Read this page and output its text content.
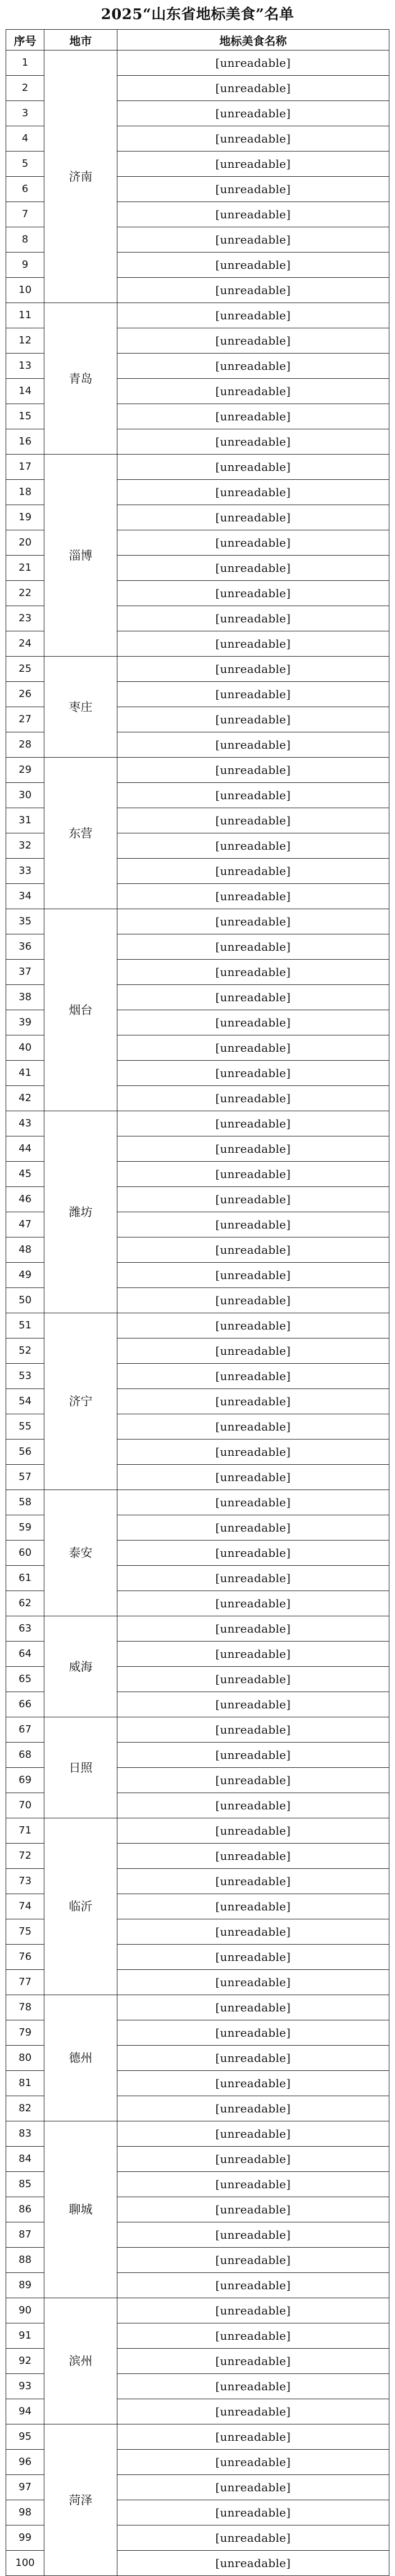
2025“山东省地标美食”名单
序号	地市	地标美食名称
1	济南	[unreadable]
2		[unreadable]
3		[unreadable]
4		[unreadable]
5		[unreadable]
6		[unreadable]
7		[unreadable]
8		[unreadable]
9		[unreadable]
10		[unreadable]
11	青岛	[unreadable]
12		[unreadable]
13		[unreadable]
14		[unreadable]
15		[unreadable]
16		[unreadable]
17	淄博	[unreadable]
18		[unreadable]
19		[unreadable]
20		[unreadable]
21		[unreadable]
22		[unreadable]
23		[unreadable]
24		[unreadable]
25	枣庄	[unreadable]
26		[unreadable]
27		[unreadable]
28		[unreadable]
29	东营	[unreadable]
30		[unreadable]
31		[unreadable]
32		[unreadable]
33		[unreadable]
34		[unreadable]
35	烟台	[unreadable]
36		[unreadable]
37		[unreadable]
38		[unreadable]
39		[unreadable]
40		[unreadable]
41		[unreadable]
42		[unreadable]
43	潍坊	[unreadable]
44		[unreadable]
45		[unreadable]
46		[unreadable]
47		[unreadable]
48		[unreadable]
49		[unreadable]
50		[unreadable]
51	济宁	[unreadable]
52		[unreadable]
53		[unreadable]
54		[unreadable]
55		[unreadable]
56		[unreadable]
57		[unreadable]
58	泰安	[unreadable]
59		[unreadable]
60		[unreadable]
61		[unreadable]
62		[unreadable]
63	威海	[unreadable]
64		[unreadable]
65		[unreadable]
66		[unreadable]
67	日照	[unreadable]
68		[unreadable]
69		[unreadable]
70		[unreadable]
71	临沂	[unreadable]
72		[unreadable]
73		[unreadable]
74		[unreadable]
75		[unreadable]
76		[unreadable]
77		[unreadable]
78	德州	[unreadable]
79		[unreadable]
80		[unreadable]
81		[unreadable]
82		[unreadable]
83	聊城	[unreadable]
84		[unreadable]
85		[unreadable]
86		[unreadable]
87		[unreadable]
88		[unreadable]
89		[unreadable]
90	滨州	[unreadable]
91		[unreadable]
92		[unreadable]
93		[unreadable]
94		[unreadable]
95	菏泽	[unreadable]
96		[unreadable]
97		[unreadable]
98		[unreadable]
99		[unreadable]
100		[unreadable]
